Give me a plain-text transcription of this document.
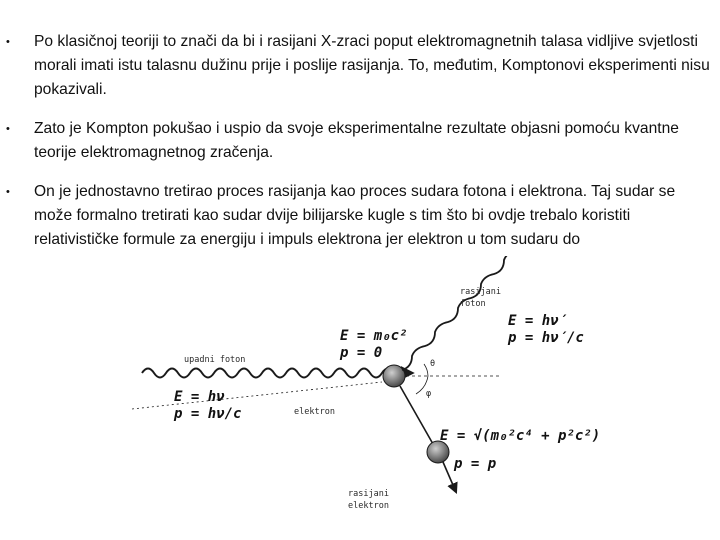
• Po klasičnoj teoriji to znači da bi i rasijani X-zraci poput elektromagnetnih talasa vidljive svjetlosti morali imati istu talasnu dužinu prije i poslije rasijanja. To, međutim, Komptonovi eksperimenti nisu pokazivali.
• Zato je Kompton pokušao i uspio da svoje eksperimentalne rezultate objasni pomoću kvantne teorije elektromagnetnog zračenja.
• On je jednostavno tretirao proces rasijanja kao proces sudara fotona i elektrona. Taj sudar se može formalno tretirati kao sudar dvije bilijarske kugle s tim što bi ovdje trebalo koristiti relativističke formule za energiju i impuls elektrona jer elektron u tom sudaru do
upadni foton
E = hν
p = hν/c	elektron
E = m₀c²
p = 0
rasijani
foton
E = hν′
p = hν′/c
θ
φ
E = √(m₀²c⁴ + p²c²)
p = p
rasijani
elektron
